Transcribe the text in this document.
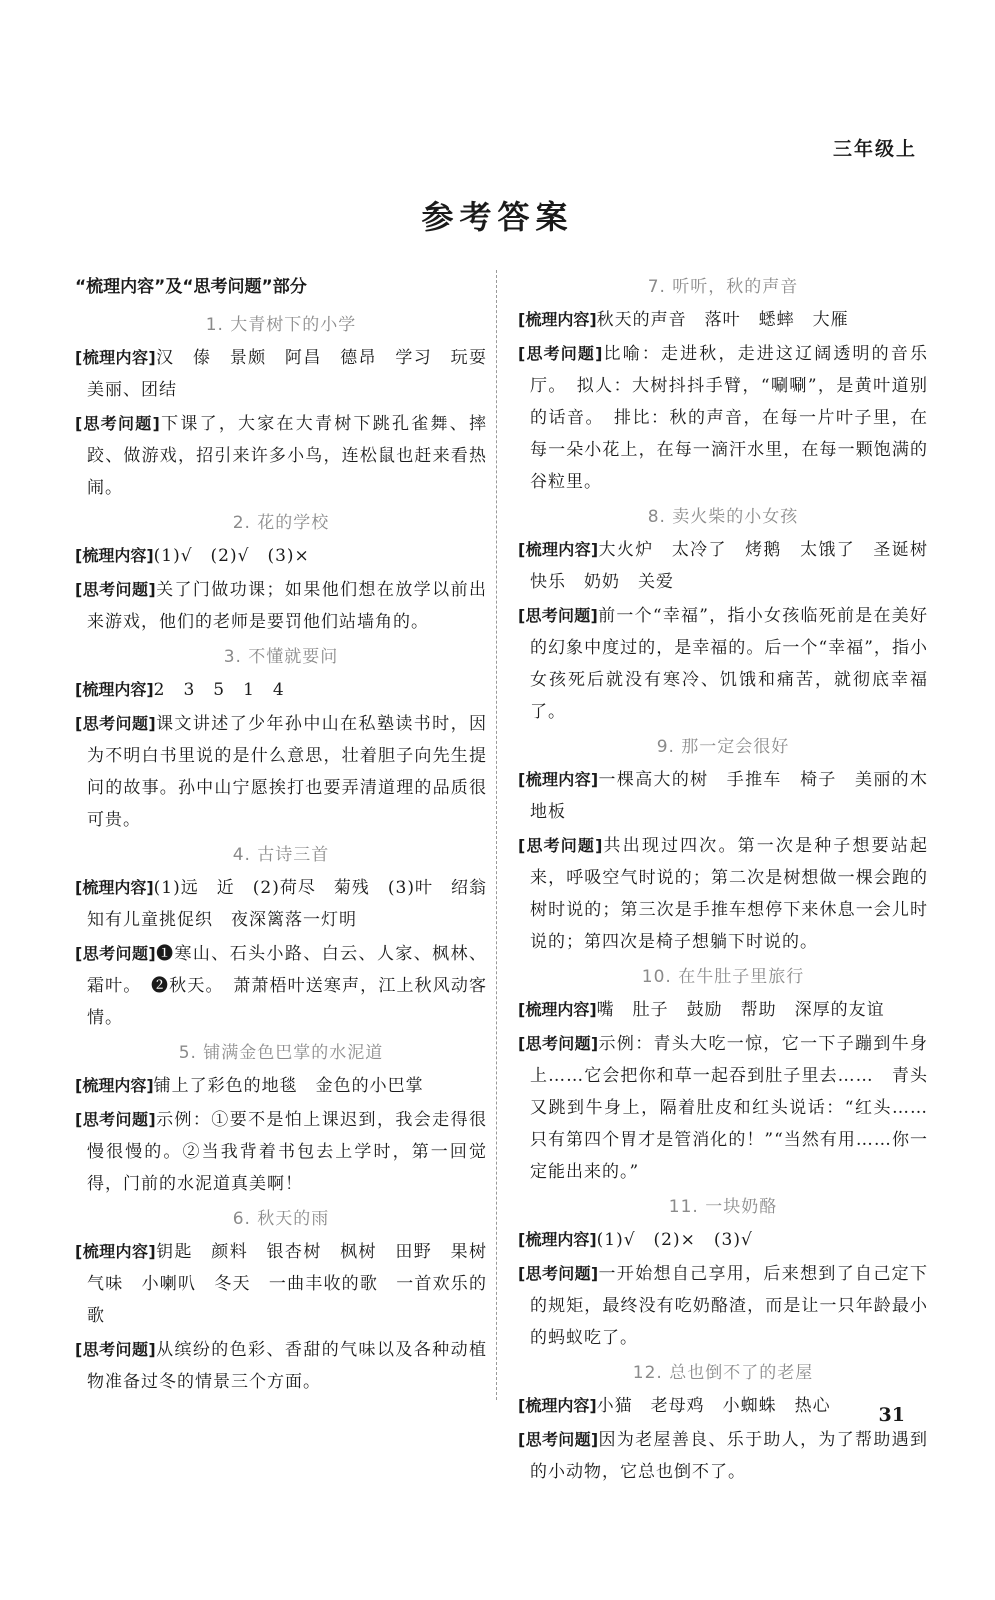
三年级上
参考答案
“梳理内容”及“思考问题”部分
1. 大青树下的小学
[梳理内容]汉　傣　景颇　阿昌　德昂　学习　玩耍　美丽、团结
[思考问题]下课了，大家在大青树下跳孔雀舞、摔跤、做游戏，招引来许多小鸟，连松鼠也赶来看热闹。
2. 花的学校
[梳理内容](1)√　(2)√　(3)×
[思考问题]关了门做功课；如果他们想在放学以前出来游戏，他们的老师是要罚他们站墙角的。
3. 不懂就要问
[梳理内容]2　3　5　1　4
[思考问题]课文讲述了少年孙中山在私塾读书时，因为不明白书里说的是什么意思，壮着胆子向先生提问的故事。孙中山宁愿挨打也要弄清道理的品质很可贵。
4. 古诗三首
[梳理内容](1)远　近　(2)荷尽　菊残　(3)叶　绍翁　知有儿童挑促织　夜深篱落一灯明
[思考问题]❶寒山、石头小路、白云、人家、枫林、霜叶。　❷秋天。　萧萧梧叶送寒声，江上秋风动客情。
5. 铺满金色巴掌的水泥道
[梳理内容]铺上了彩色的地毯　金色的小巴掌
[思考问题]示例：①要不是怕上课迟到，我会走得很慢很慢的。②当我背着书包去上学时，第一回觉得，门前的水泥道真美啊！
6. 秋天的雨
[梳理内容]钥匙　颜料　银杏树　枫树　田野　果树　气味　小喇叭　冬天　一曲丰收的歌　一首欢乐的歌
[思考问题]从缤纷的色彩、香甜的气味以及各种动植物准备过冬的情景三个方面。
7. 听听，秋的声音
[梳理内容]秋天的声音　落叶　蟋蟀　大雁
[思考问题]比喻：走进秋，走进这辽阔透明的音乐厅。　拟人：大树抖抖手臂，“唰唰”，是黄叶道别的话音。　排比：秋的声音，在每一片叶子里，在每一朵小花上，在每一滴汗水里，在每一颗饱满的谷粒里。
8. 卖火柴的小女孩
[梳理内容]大火炉　太冷了　烤鹅　太饿了　圣诞树　快乐　奶奶　关爱
[思考问题]前一个“幸福”，指小女孩临死前是在美好的幻象中度过的，是幸福的。后一个“幸福”，指小女孩死后就没有寒冷、饥饿和痛苦，就彻底幸福了。
9. 那一定会很好
[梳理内容]一棵高大的树　手推车　椅子　美丽的木地板
[思考问题]共出现过四次。第一次是种子想要站起来，呼吸空气时说的；第二次是树想做一棵会跑的树时说的；第三次是手推车想停下来休息一会儿时说的；第四次是椅子想躺下时说的。
10. 在牛肚子里旅行
[梳理内容]嘴　肚子　鼓励　帮助　深厚的友谊
[思考问题]示例：青头大吃一惊，它一下子蹦到牛身上……它会把你和草一起吞到肚子里去……　青头又跳到牛身上，隔着肚皮和红头说话：“红头……只有第四个胃才是管消化的！”“当然有用……你一定能出来的。”
11. 一块奶酪
[梳理内容](1)√　(2)×　(3)√
[思考问题]一开始想自己享用，后来想到了自己定下的规矩，最终没有吃奶酪渣，而是让一只年龄最小的蚂蚁吃了。
12. 总也倒不了的老屋
[梳理内容]小猫　老母鸡　小蜘蛛　热心
[思考问题]因为老屋善良、乐于助人，为了帮助遇到的小动物，它总也倒不了。
31
